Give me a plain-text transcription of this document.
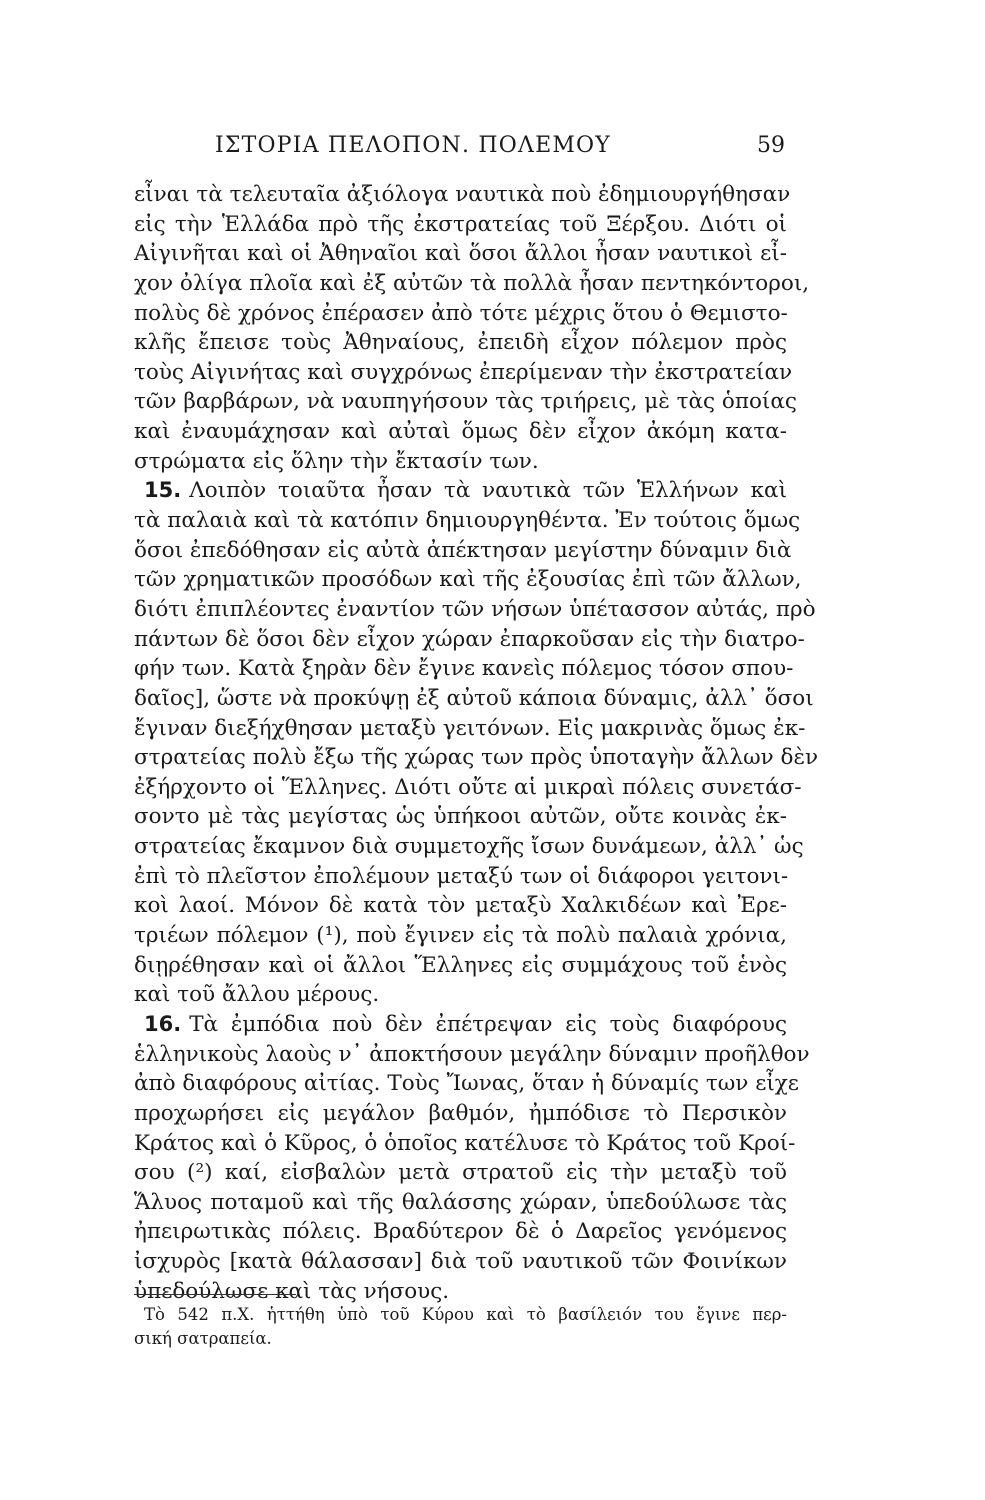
ΙΣΤΟΡΙΑ ΠΕΛΟΠΟΝ. ΠΟΛΕΜΟΥ	59
εἶναι τὰ τελευταῖα ἀξιόλογα ναυτικὰ ποὺ ἐδημιουργήθησαν
εἰς τὴν Ἑλλάδα πρὸ τῆς ἐκστρατείας τοῦ Ξέρξου. Διότι οἱ
Αἰγινῆται καὶ οἱ Ἀθηναῖοι καὶ ὅσοι ἄλλοι ἦσαν ναυτικοὶ εἶ-
χον ὀλίγα πλοῖα καὶ ἐξ αὐτῶν τὰ πολλὰ ἦσαν πεντηκόντοροι,
πολὺς δὲ χρόνος ἐπέρασεν ἀπὸ τότε μέχρις ὅτου ὁ Θεμιστο-
κλῆς ἔπεισε τοὺς Ἀθηναίους, ἐπειδὴ εἶχον πόλεμον πρὸς
τοὺς Αἰγινήτας καὶ συγχρόνως ἐπερίμεναν τὴν ἐκστρατείαν
τῶν βαρβάρων, νὰ ναυπηγήσουν τὰς τριήρεις, μὲ τὰς ὁποίας
καὶ ἐναυμάχησαν καὶ αὐταὶ ὅμως δὲν εἶχον ἀκόμη κατα-
στρώματα εἰς ὅλην τὴν ἔκτασίν των.
15. Λοιπὸν τοιαῦτα ἦσαν τὰ ναυτικὰ τῶν Ἑλλήνων καὶ
τὰ παλαιὰ καὶ τὰ κατόπιν δημιουργηθέντα. Ἐν τούτοις ὅμως
ὅσοι ἐπεδόθησαν εἰς αὐτὰ ἀπέκτησαν μεγίστην δύναμιν διὰ
τῶν χρηματικῶν προσόδων καὶ τῆς ἐξουσίας ἐπὶ τῶν ἄλλων,
διότι ἐπιπλέοντες ἐναντίον τῶν νήσων ὑπέτασσον αὐτάς, πρὸ
πάντων δὲ ὅσοι δὲν εἶχον χώραν ἐπαρκοῦσαν εἰς τὴν διατρο-
φήν των. Κατὰ ξηρὰν δὲν ἔγινε κανεὶς πόλεμος τόσον σπου-
δαῖος], ὥστε νὰ προκύψῃ ἐξ αὐτοῦ κάποια δύναμις, ἀλλ᾽ ὅσοι
ἔγιναν διεξήχθησαν μεταξὺ γειτόνων. Εἰς μακρινὰς ὅμως ἐκ-
στρατείας πολὺ ἔξω τῆς χώρας των πρὸς ὑποταγὴν ἄλλων δὲν
ἐξήρχοντο οἱ Ἕλληνες. Διότι οὔτε αἱ μικραὶ πόλεις συνετάσ-
σοντο μὲ τὰς μεγίστας ὡς ὑπήκοοι αὐτῶν, οὔτε κοινὰς ἐκ-
στρατείας ἔκαμνον διὰ συμμετοχῆς ἴσων δυνάμεων, ἀλλ᾽ ὡς
ἐπὶ τὸ πλεῖστον ἐπολέμουν μεταξύ των οἱ διάφοροι γειτονι-
κοὶ λαοί. Μόνον δὲ κατὰ τὸν μεταξὺ Χαλκιδέων καὶ Ἐρε-
τριέων πόλεμον (¹), ποὺ ἔγινεν εἰς τὰ πολὺ παλαιὰ χρόνια,
διῃρέθησαν καὶ οἱ ἄλλοι Ἕλληνες εἰς συμμάχους τοῦ ἑνὸς
καὶ τοῦ ἄλλου μέρους.
16. Τὰ ἐμπόδια ποὺ δὲν ἐπέτρεψαν εἰς τοὺς διαφόρους
ἑλληνικοὺς λαοὺς ν᾽ ἀποκτήσουν μεγάλην δύναμιν προῆλθον
ἀπὸ διαφόρους αἰτίας. Τοὺς Ἴωνας, ὅταν ἡ δύναμίς των εἶχε
προχωρήσει εἰς μεγάλον βαθμόν, ἠμπόδισε τὸ Περσικὸν
Κράτος καὶ ὁ Κῦρος, ὁ ὁποῖος κατέλυσε τὸ Κράτος τοῦ Κροί-
σου (²) καί, εἰσβαλὼν μετὰ στρατοῦ εἰς τὴν μεταξὺ τοῦ
Ἅλυος ποταμοῦ καὶ τῆς θαλάσσης χώραν, ὑπεδούλωσε τὰς
ἠπειρωτικὰς πόλεις. Βραδύτερον δὲ ὁ Δαρεῖος γενόμενος
ἰσχυρὸς [κατὰ θάλασσαν] διὰ τοῦ ναυτικοῦ τῶν Φοινίκων
ὑπεδούλωσε καὶ τὰς νήσους.
Τὸ 542 π.Χ. ἡττήθη ὑπὸ τοῦ Κύρου καὶ τὸ βασίλειόν του ἔγινε περ-
σική σατραπεία.
